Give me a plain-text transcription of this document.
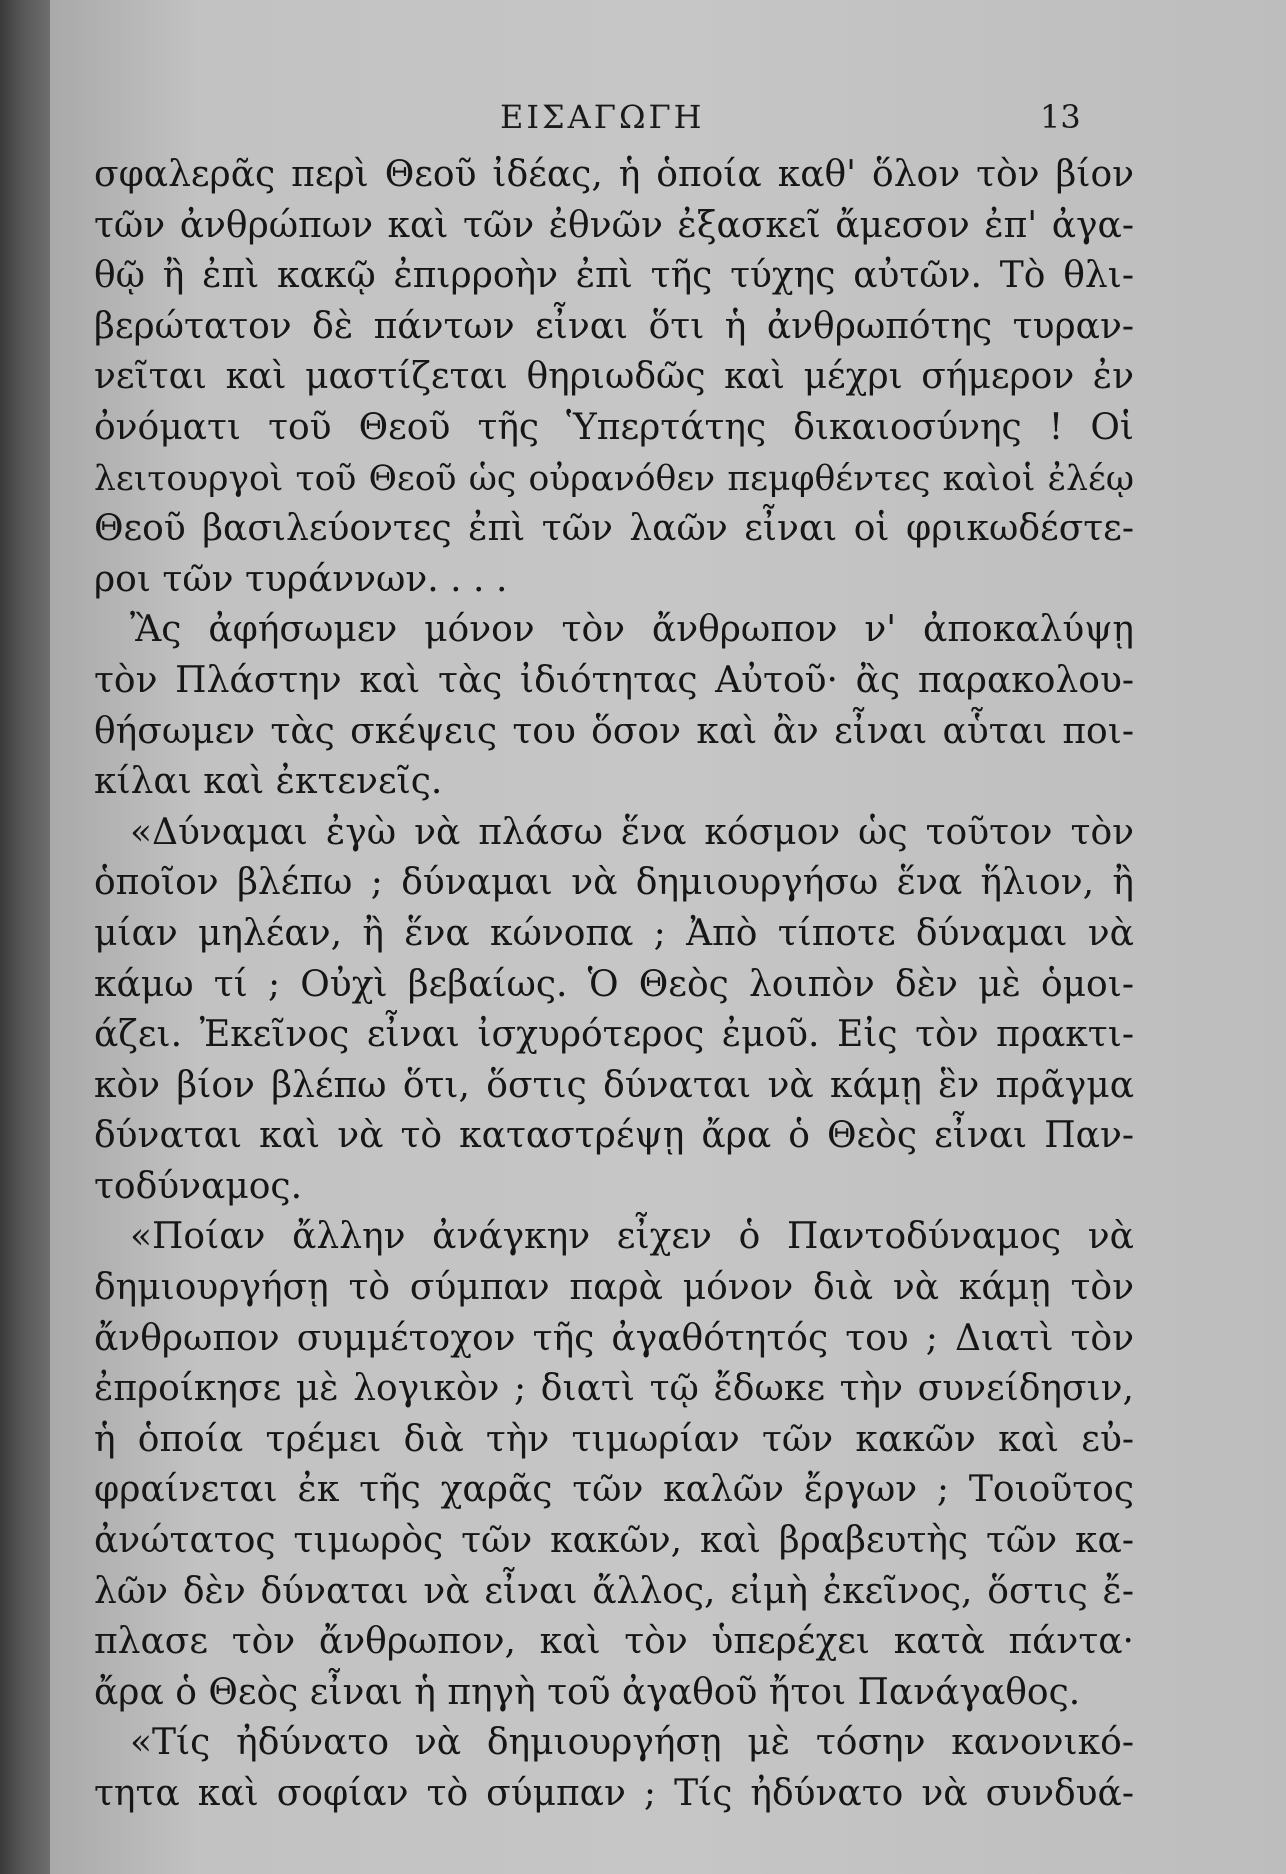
ΕΙΣΑΓΩΓΗ	13
σφαλερᾶς περὶ Θεοῦ ἰδέας, ἡ ὁποία καθ' ὅλον τὸν βίον
τῶν ἀνθρώπων καὶ τῶν ἐθνῶν ἐξασκεῖ ἄμεσον ἐπ' ἀγα-
θῷ ἢ ἐπὶ κακῷ ἐπιρροὴν ἐπὶ τῆς τύχης αὐτῶν. Τὸ θλι-
βερώτατον δὲ πάντων εἶναι ὅτι ἡ ἀνθρωπότης τυραν-
νεῖται καὶ μαστίζεται θηριωδῶς καὶ μέχρι σήμερον ἐν
ὀνόματι τοῦ Θεοῦ τῆς Ὑπερτάτης δικαιοσύνης ! Οἱ
λειτουργοὶ τοῦ Θεοῦ ὡς οὐρανόθεν πεμφθέντες καὶοἱ ἐλέῳ
Θεοῦ βασιλεύοντες ἐπὶ τῶν λαῶν εἶναι οἱ φρικωδέστε-
ροι τῶν τυράννων. . . .
Ἂς ἀφήσωμεν μόνον τὸν ἄνθρωπον ν' ἀποκαλύψῃ
τὸν Πλάστην καὶ τὰς ἰδιότητας Αὐτοῦ· ἂς παρακολου-
θήσωμεν τὰς σκέψεις του ὅσον καὶ ἂν εἶναι αὗται ποι-
κίλαι καὶ ἐκτενεῖς.
«Δύναμαι ἐγὼ νὰ πλάσω ἕνα κόσμον ὡς τοῦτον τὸν
ὁποῖον βλέπω ; δύναμαι νὰ δημιουργήσω ἕνα ἥλιον, ἢ
μίαν μηλέαν, ἢ ἕνα κώνοπα ; Ἀπὸ τίποτε δύναμαι νὰ
κάμω τί ; Οὐχὶ βεβαίως. Ὁ Θεὸς λοιπὸν δὲν μὲ ὁμοι-
άζει. Ἐκεῖνος εἶναι ἰσχυρότερος ἐμοῦ. Εἰς τὸν πρακτι-
κὸν βίον βλέπω ὅτι, ὅστις δύναται νὰ κάμῃ ἓν πρᾶγμα
δύναται καὶ νὰ τὸ καταστρέψῃ ἄρα ὁ Θεὸς εἶναι Παν-
τοδύναμος.
«Ποίαν ἄλλην ἀνάγκην εἶχεν ὁ Παντοδύναμος νὰ
δημιουργήσῃ τὸ σύμπαν παρὰ μόνον διὰ νὰ κάμῃ τὸν
ἄνθρωπον συμμέτοχον τῆς ἀγαθότητός του ; Διατὶ τὸν
ἐπροίκησε μὲ λογικὸν ; διατὶ τῷ ἔδωκε τὴν συνείδησιν,
ἡ ὁποία τρέμει διὰ τὴν τιμωρίαν τῶν κακῶν καὶ εὐ-
φραίνεται ἐκ τῆς χαρᾶς τῶν καλῶν ἔργων ; Τοιοῦτος
ἀνώτατος τιμωρὸς τῶν κακῶν, καὶ βραβευτὴς τῶν κα-
λῶν δὲν δύναται νὰ εἶναι ἄλλος, εἰμὴ ἐκεῖνος, ὅστις ἔ-
πλασε τὸν ἄνθρωπον, καὶ τὸν ὑπερέχει κατὰ πάντα·
ἄρα ὁ Θεὸς εἶναι ἡ πηγὴ τοῦ ἀγαθοῦ ἤτοι Πανάγαθος.
«Τίς ἠδύνατο νὰ δημιουργήσῃ μὲ τόσην κανονικό-
τητα καὶ σοφίαν τὸ σύμπαν ; Τίς ἠδύνατο νὰ συνδυά-
